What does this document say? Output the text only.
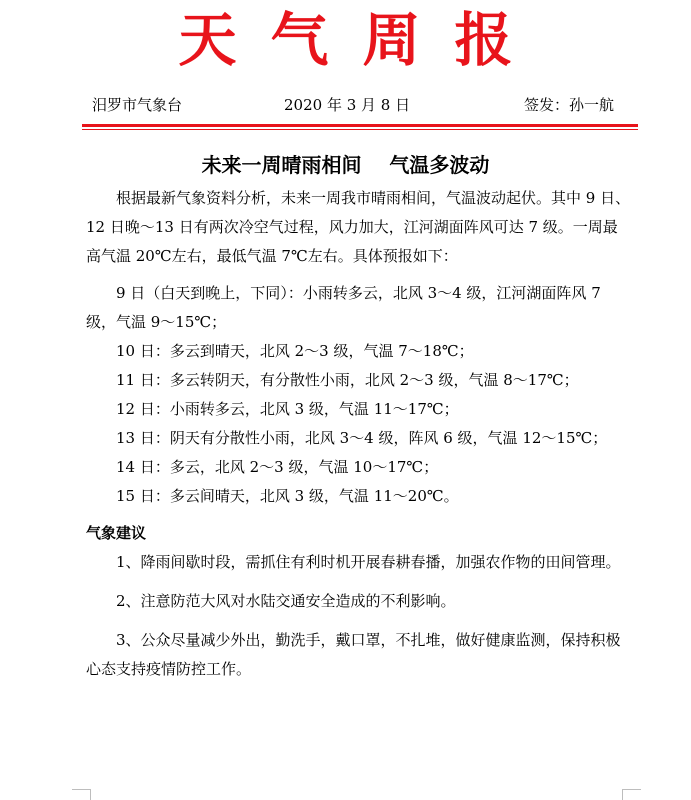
天气周报
汨罗市气象台	2020 年 3 月 8 日	签发：孙一航
未来一周晴雨相间    气温多波动

根据最新气象资料分析，未来一周我市晴雨相间，气温波动起伏。其中 9 日、12 日晚～13 日有两次冷空气过程，风力加大，江河湖面阵风可达 7 级。一周最高气温 20℃左右，最低气温 7℃左右。具体预报如下：

9 日（白天到晚上，下同）：小雨转多云，北风 3～4 级，江河湖面阵风 7 级，气温 9～15℃；

10 日：多云到晴天，北风 2～3 级，气温 7～18℃；

11 日：多云转阴天，有分散性小雨，北风 2～3 级，气温 8～17℃；

12 日：小雨转多云，北风 3 级，气温 11～17℃；

13 日：阴天有分散性小雨，北风 3～4 级，阵风 6 级，气温 12～15℃；

14 日：多云，北风 2～3 级，气温 10～17℃；

15 日：多云间晴天，北风 3 级，气温 11～20℃。

气象建议

1、降雨间歇时段，需抓住有利时机开展春耕春播，加强农作物的田间管理。

2、注意防范大风对水陆交通安全造成的不利影响。

3、公众尽量减少外出，勤洗手，戴口罩，不扎堆，做好健康监测，保持积极心态支持疫情防控工作。
